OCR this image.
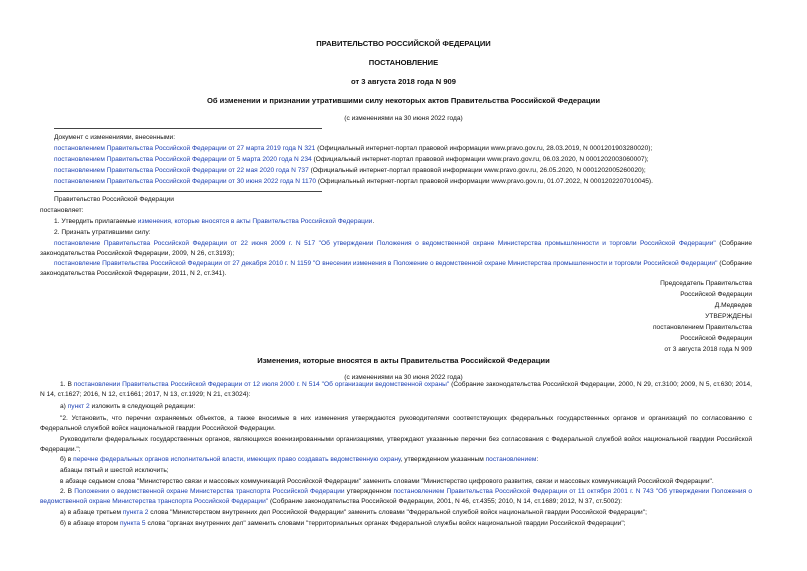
ПРАВИТЕЛЬСТВО РОССИЙСКОЙ ФЕДЕРАЦИИ
ПОСТАНОВЛЕНИЕ
от 3 августа 2018 года N 909
Об изменении и признании утратившими силу некоторых актов Правительства Российской Федерации
(с изменениями на 30 июня 2022 года)
Документ с изменениями, внесенными:
постановлением Правительства Российской Федерации от 27 марта 2019 года N 321 (Официальный интернет-портал правовой информации www.pravo.gov.ru, 28.03.2019, N 0001201903280020);
постановлением Правительства Российской Федерации от 5 марта 2020 года N 234 (Официальный интернет-портал правовой информации www.pravo.gov.ru, 06.03.2020, N 0001202003060007);
постановлением Правительства Российской Федерации от 22 мая 2020 года N 737 (Официальный интернет-портал правовой информации www.pravo.gov.ru, 26.05.2020, N 0001202005260020);
постановлением Правительства Российской Федерации от 30 июня 2022 года N 1170 (Официальный интернет-портал правовой информации www.pravo.gov.ru, 01.07.2022, N 0001202207010045).
Правительство Российской Федерации
постановляет:
1. Утвердить прилагаемые изменения, которые вносятся в акты Правительства Российской Федерации.
2. Признать утратившими силу:
постановление Правительства Российской Федерации от 22 июня 2009 г. N 517 "Об утверждении Положения о ведомственной охране Министерства промышленности и торговли Российской Федерации" (Собрание законодательства Российской Федерации, 2009, N 26, ст.3193);
постановление Правительства Российской Федерации от 27 декабря 2010 г. N 1159 "О внесении изменения в Положение о ведомственной охране Министерства промышленности и торговли Российской Федерации" (Собрание законодательства Российской Федерации, 2011, N 2, ст.341).
Председатель Правительства
Российской Федерации
Д.Медведев
УТВЕРЖДЕНЫ
постановлением Правительства
Российской Федерации
от 3 августа 2018 года N 909
Изменения, которые вносятся в акты Правительства Российской Федерации
(с изменениями на 30 июня 2022 года)
1. В постановлении Правительства Российской Федерации от 12 июля 2000 г. N 514 "Об организации ведомственной охраны" (Собрание законодательства Российской Федерации, 2000, N 29, ст.3100; 2009, N 5, ст.630; 2014, N 14, ст.1627; 2016, N 12, ст.1661; 2017, N 13, ст.1929; N 21, ст.3024):
а) пункт 2 изложить в следующей редакции:
"2. Установить, что перечни охраняемых объектов, а также вносимые в них изменения утверждаются руководителями соответствующих федеральных государственных органов и организаций по согласованию с Федеральной службой войск национальной гвардии Российской Федерации.
Руководители федеральных государственных органов, являющихся военизированными организациями, утверждают указанные перечни без согласования с Федеральной службой войск национальной гвардии Российской Федерации.";
б) в перечне федеральных органов исполнительной власти, имеющих право создавать ведомственную охрану, утвержденном указанным постановлением:
абзацы пятый и шестой исключить;
в абзаце седьмом слова "Министерство связи и массовых коммуникаций Российской Федерации" заменить словами "Министерство цифрового развития, связи и массовых коммуникаций Российской Федерации".
2. В Положении о ведомственной охране Министерства транспорта Российской Федерации утвержденном постановлением Правительства Российской Федерации от 11 октября 2001 г. N 743 "Об утверждении Положения о ведомственной охране Министерства транспорта Российской Федерации" (Собрание законодательства Российской Федерации, 2001, N 46, ст.4355; 2010, N 14, ст.1689; 2012, N 37, ст.5002):
а) в абзаце третьем пункта 2 слова "Министерством внутренних дел Российской Федерации" заменить словами "Федеральной службой войск национальной гвардии Российской Федерации";
б) в абзаце втором пункта 5 слова "органах внутренних дел" заменить словами "территориальных органах Федеральной службы войск национальной гвардии Российской Федерации";
